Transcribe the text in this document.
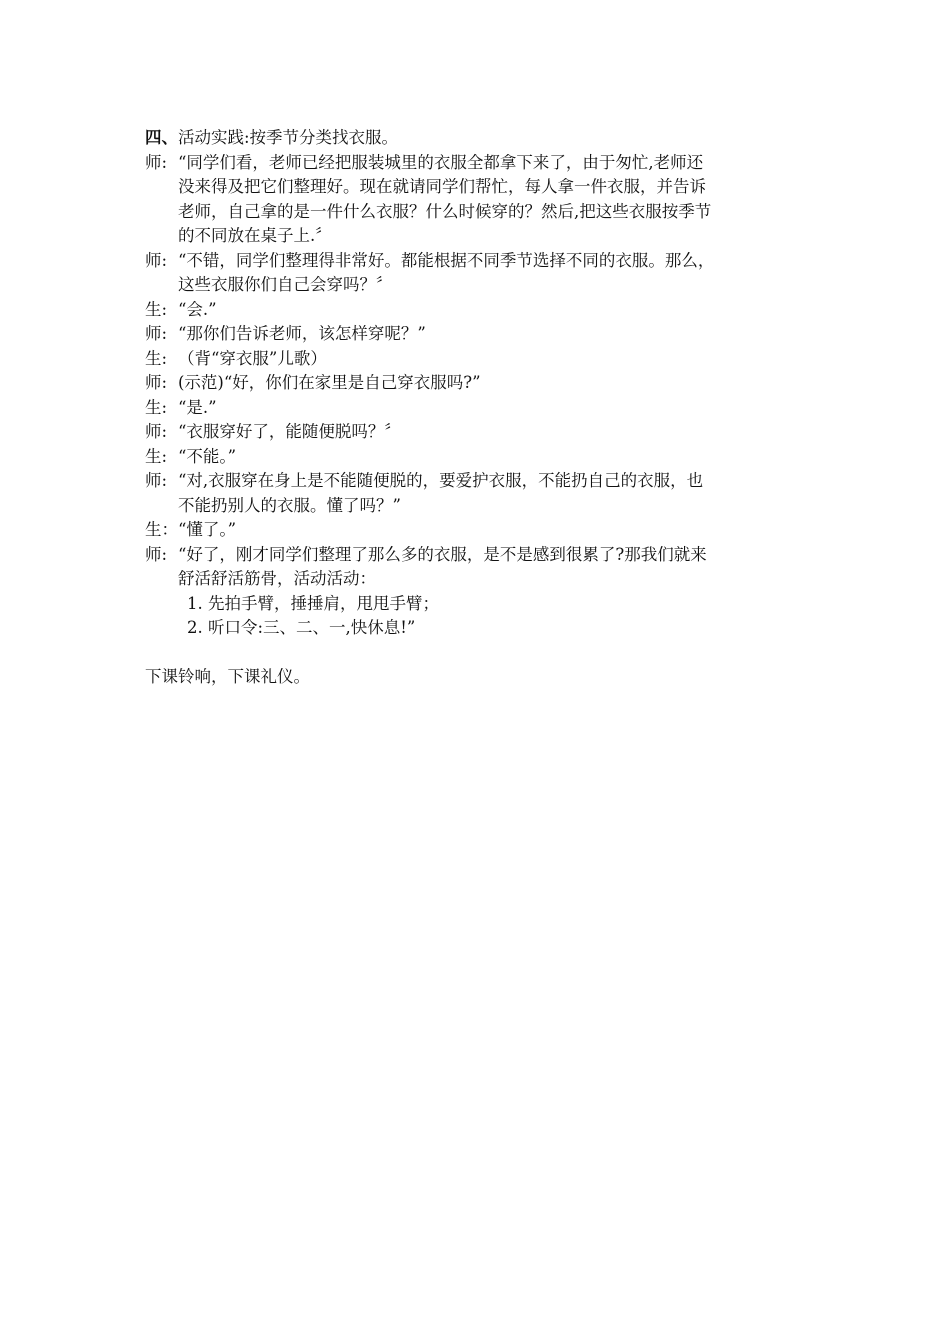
四、活动实践:按季节分类找衣服。
师: “同学们看，老师已经把服装城里的衣服全都拿下来了，由于匆忙,老师还
没来得及把它们整理好。现在就请同学们帮忙，每人拿一件衣服，并告诉
老师，自己拿的是一件什么衣服？什么时候穿的？然后,把这些衣服按季节
的不同放在桌子上.〞
师: “不错，同学们整理得非常好。都能根据不同季节选择不同的衣服。那么，
这些衣服你们自己会穿吗？〞
生: “会.”
师: “那你们告诉老师，该怎样穿呢？”
生: （背“穿衣服”儿歌）
师: (示范)“好，你们在家里是自己穿衣服吗?”
生: “是.”
师: “衣服穿好了，能随便脱吗？〞
生: “不能。”
师: “对,衣服穿在身上是不能随便脱的，要爱护衣服，不能扔自己的衣服，也
不能扔别人的衣服。懂了吗？”
生： “懂了。”
师: “好了，刚才同学们整理了那么多的衣服，是不是感到很累了?那我们就来
舒活舒活筋骨，活动活动：
1. 先拍手臂，捶捶肩，甩甩手臂；
2. 听口令:三、二、一,快休息!”
下课铃响，下课礼仪。
